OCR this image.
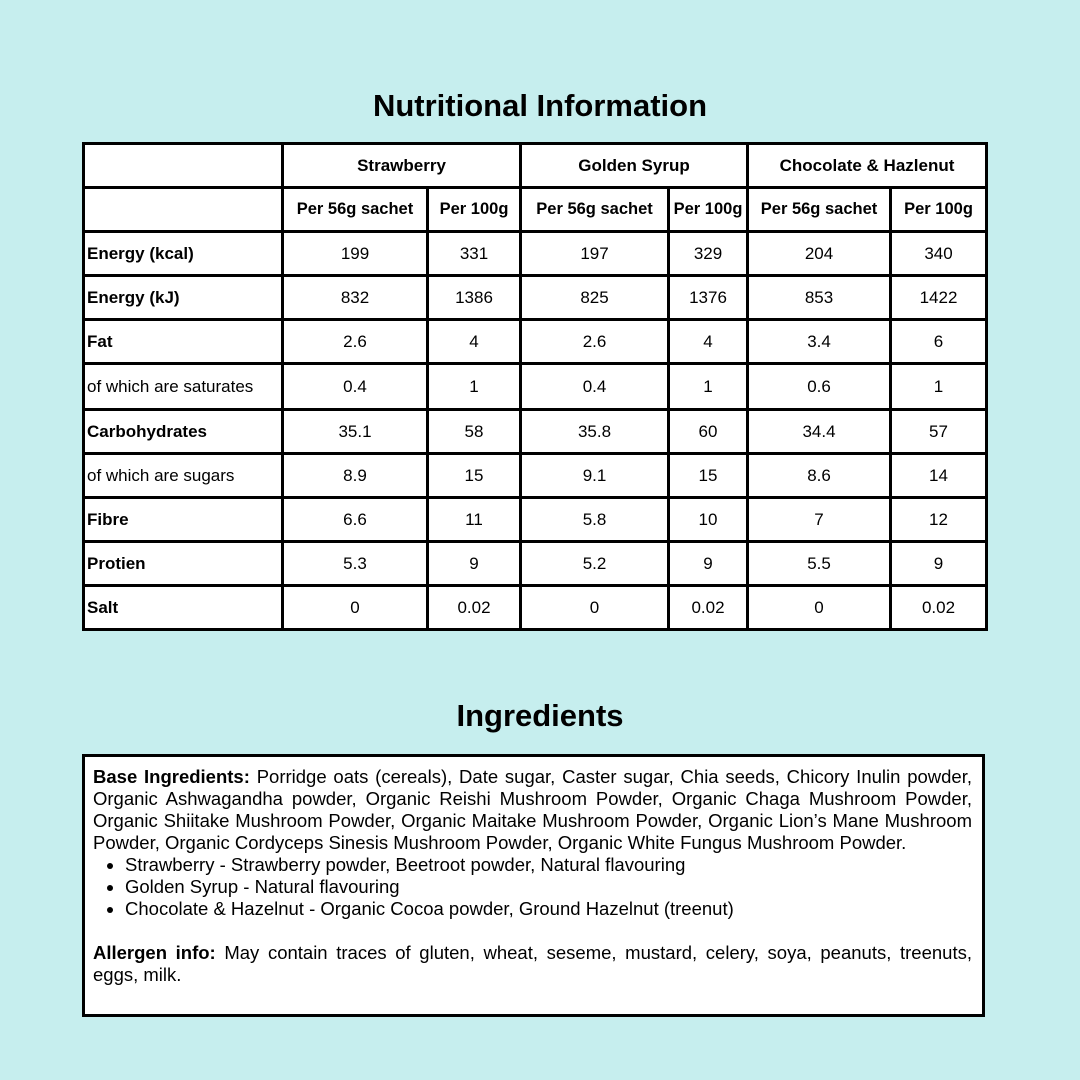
Nutritional Information
	Strawberry		Golden Syrup		Chocolate & Hazlenut	
	Per 56g sachet	Per 100g	Per 56g sachet	Per 100g	Per 56g sachet	Per 100g
Energy (kcal)	199	331	197	329	204	340
Energy (kJ)	832	1386	825	1376	853	1422
Fat	2.6	4	2.6	4	3.4	6
of which are saturates	0.4	1	0.4	1	0.6	1
Carbohydrates	35.1	58	35.8	60	34.4	57
of which are sugars	8.9	15	9.1	15	8.6	14
Fibre	6.6	11	5.8	10	7	12
Protien	5.3	9	5.2	9	5.5	9
Salt	0	0.02	0	0.02	0	0.02
Ingredients

Base Ingredients: Porridge oats (cereals), Date sugar, Caster sugar, Chia seeds, Chicory Inulin powder, Organic Ashwagandha powder, Organic Reishi Mushroom Powder, Organic Chaga Mushroom Powder, Organic Shiitake Mushroom Powder, Organic Maitake Mushroom Powder, Organic Lion’s Mane Mushroom Powder, Organic Cordyceps Sinesis Mushroom Powder, Organic White Fungus Mushroom Powder.

• Strawberry - Strawberry powder, Beetroot powder, Natural flavouring
• Golden Syrup - Natural flavouring
• Chocolate & Hazelnut - Organic Cocoa powder, Ground Hazelnut (treenut)

Allergen info: May contain traces of gluten, wheat, seseme, mustard, celery, soya, peanuts, treenuts, eggs, milk.
